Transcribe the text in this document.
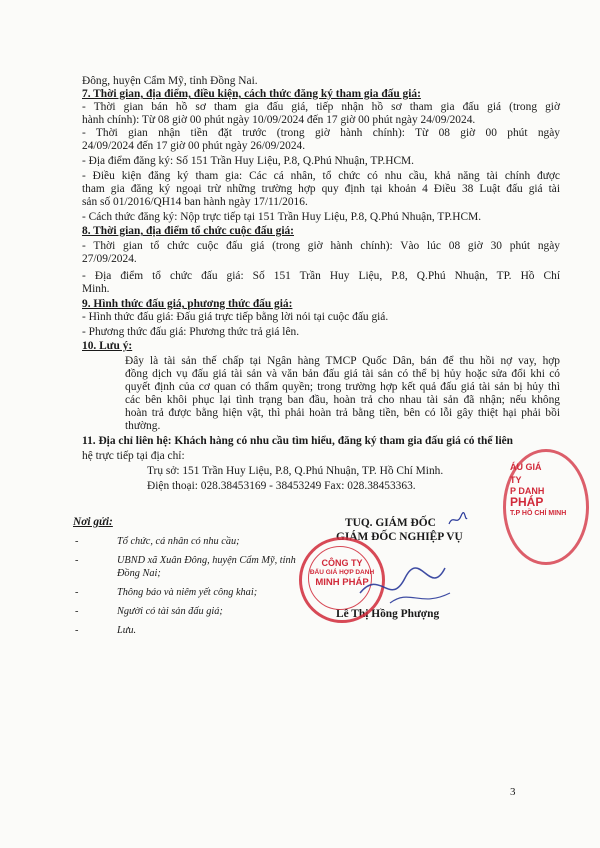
Đông, huyện Cẩm Mỹ, tỉnh Đồng Nai.
7. Thời gian, địa điểm, điều kiện, cách thức đăng ký tham gia đấu giá:
- Thời gian bán hồ sơ tham gia đấu giá, tiếp nhận hồ sơ tham gia đấu giá (trong giờ
hành chính): Từ 08 giờ 00 phút ngày 10/09/2024 đến 17 giờ 00 phút ngày 24/09/2024.
- Thời gian nhận tiền đặt trước (trong giờ hành chính): Từ 08 giờ 00 phút ngày
24/09/2024 đến 17 giờ 00 phút ngày 26/09/2024.
- Địa điểm đăng ký: Số 151 Trần Huy Liệu, P.8, Q.Phú Nhuận, TP.HCM.
- Điều kiện đăng ký tham gia: Các cá nhân, tổ chức có nhu cầu, khả năng tài chính được
tham gia đăng ký ngoại trừ những trường hợp quy định tại khoản 4 Điều 38 Luật đấu giá tài
sản số 01/2016/QH14 ban hành ngày 17/11/2016.
- Cách thức đăng ký: Nộp trực tiếp tại 151 Trần Huy Liệu, P.8, Q.Phú Nhuận, TP.HCM.
8. Thời gian, địa điểm tổ chức cuộc đấu giá:
- Thời gian tổ chức cuộc đấu giá (trong giờ hành chính): Vào lúc 08 giờ 30 phút ngày
27/09/2024.
- Địa điểm tổ chức đấu giá: Số 151 Trần Huy Liệu, P.8, Q.Phú Nhuận, TP. Hồ Chí
Minh.
9. Hình thức đấu giá, phương thức đấu giá:
- Hình thức đấu giá: Đấu giá trực tiếp bằng lời nói tại cuộc đấu giá.
- Phương thức đấu giá: Phương thức trả giá lên.
10. Lưu ý:
Đây là tài sản thế chấp tại Ngân hàng TMCP Quốc Dân, bán để thu hồi nợ vay, hợp
đồng dịch vụ đấu giá tài sản và văn bản đấu giá tài sản có thể bị hủy hoặc sửa đổi khi có
quyết định của cơ quan có thẩm quyền; trong trường hợp kết quả đấu giá tài sản bị hủy thì
các bên khôi phục lại tình trạng ban đầu, hoàn trả cho nhau tài sản đã nhận; nếu không
hoàn trả được bằng hiện vật, thì phải hoàn trả bằng tiền, bên có lỗi gây thiệt hại phải bồi
thường.
11. Địa chỉ liên hệ: Khách hàng có nhu cầu tìm hiểu, đăng ký tham gia đấu giá có thể liên
hệ trực tiếp tại địa chỉ:
Trụ sở: 151 Trần Huy Liệu, P.8, Q.Phú Nhuận, TP. Hồ Chí Minh.
Điện thoại: 028.38453169 - 38453249 Fax: 028.38453363.
Nơi gửi:
Tổ chức, cá nhân có nhu cầu;
-
UBND xã Xuân Đông, huyện Cẩm Mỹ, tỉnh
-
Đồng Nai;
Thông báo và niêm yết công khai;
-
Người có tài sản đấu giá;
-
Lưu.
-
TUQ. GIÁM ĐỐC
GIÁM ĐỐC NGHIỆP VỤ
Lê Thị Hồng Phượng
ÁU GIÁ
TY
P DANH
PHÁP
T.P HỒ CHÍ MINH
CÔNG TY
ĐẤU GIÁ HỢP DANH
MINH PHÁP
3
